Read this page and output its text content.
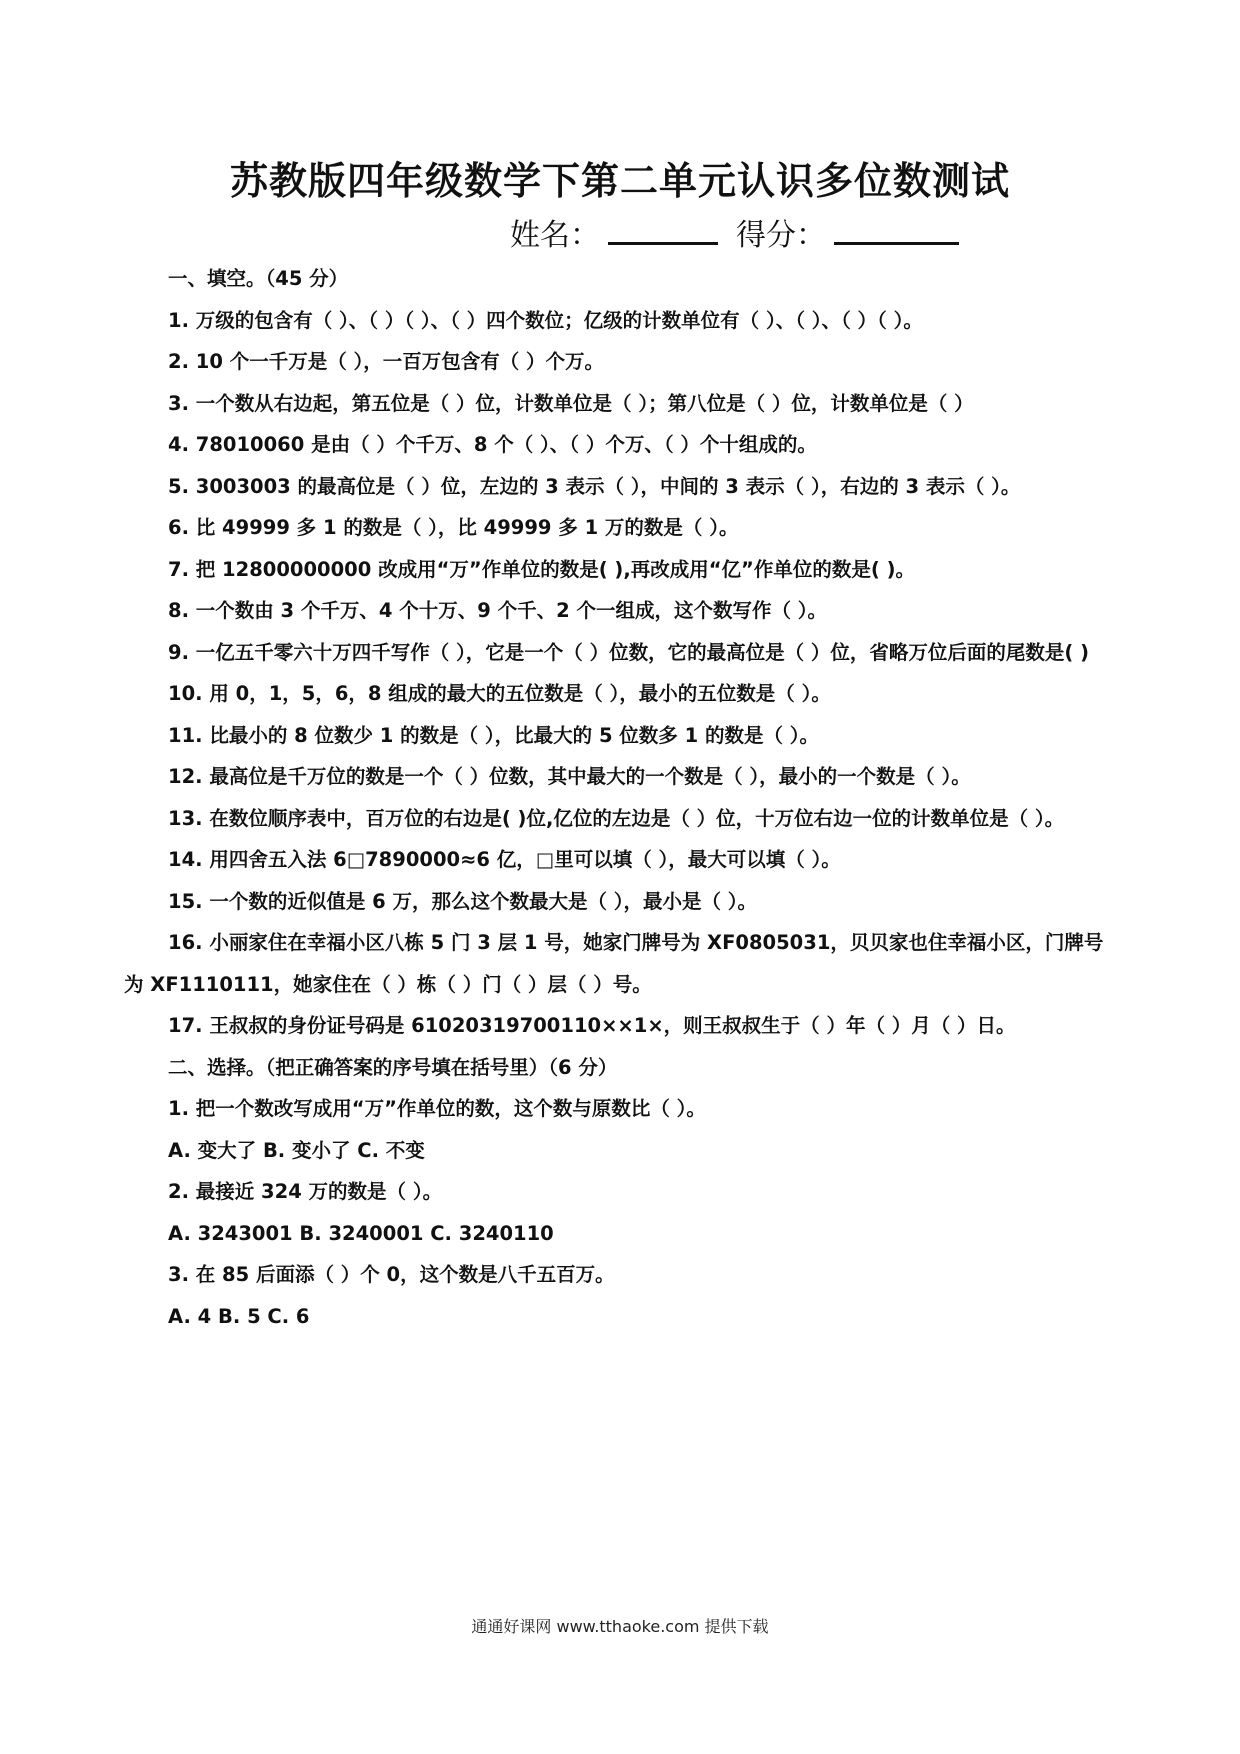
苏教版四年级数学下第二单元认识多位数测试
姓名：	得分：

一、填空。（45 分）

1. 万级的包含有（ ）、（ ）（ ）、（ ）四个数位；亿级的计数单位有（ ）、（ ）、（ ）（ ）。

2. 10 个一千万是（ ），一百万包含有（ ）个万。

3. 一个数从右边起，第五位是（ ）位，计数单位是（ ）；第八位是（ ）位，计数单位是（ ）

4. 78010060 是由（ ）个千万、8 个（ ）、（ ）个万、（ ）个十组成的。

5. 3003003 的最高位是（ ）位，左边的 3 表示（ ），中间的 3 表示（ ），右边的 3 表示（ ）。

6. 比 49999 多 1 的数是（ ），比 49999 多 1 万的数是（ ）。

7. 把 12800000000 改成用“万”作单位的数是( ),再改成用“亿”作单位的数是( )。

8. 一个数由 3 个千万、4 个十万、9 个千、2 个一组成，这个数写作（ ）。

9. 一亿五千零六十万四千写作（ ），它是一个（ ）位数，它的最高位是（ ）位，省略万位后面的尾数是( )

10. 用 0，1，5，6，8 组成的最大的五位数是（ ），最小的五位数是（ ）。

11. 比最小的 8 位数少 1 的数是（ ），比最大的 5 位数多 1 的数是（ ）。

12. 最高位是千万位的数是一个（ ）位数，其中最大的一个数是（ ），最小的一个数是（ ）。

13. 在数位顺序表中，百万位的右边是( )位,亿位的左边是（ ）位，十万位右边一位的计数单位是（ ）。

14. 用四舍五入法 6□7890000≈6 亿，□里可以填（ ），最大可以填（ ）。

15. 一个数的近似值是 6 万，那么这个数最大是（ ），最小是（ ）。

16. 小丽家住在幸福小区八栋 5 门 3 层 1 号，她家门牌号为 XF0805031，贝贝家也住幸福小区，门牌号为 XF1110111，她家住在（ ）栋（ ）门（ ）层（ ）号。

17. 王叔叔的身份证号码是 61020319700110××1×，则王叔叔生于（ ）年（ ）月（ ）日。

二、选择。（把正确答案的序号填在括号里）（6 分）

1. 把一个数改写成用“万”作单位的数，这个数与原数比（ ）。

A. 变大了 B. 变小了 C. 不变

2. 最接近 324 万的数是（ ）。

A. 3243001 B. 3240001 C. 3240110

3. 在 85 后面添（ ）个 0，这个数是八千五百万。

A. 4 B. 5 C. 6

通通好课网 www.tthaoke.com 提供下载
